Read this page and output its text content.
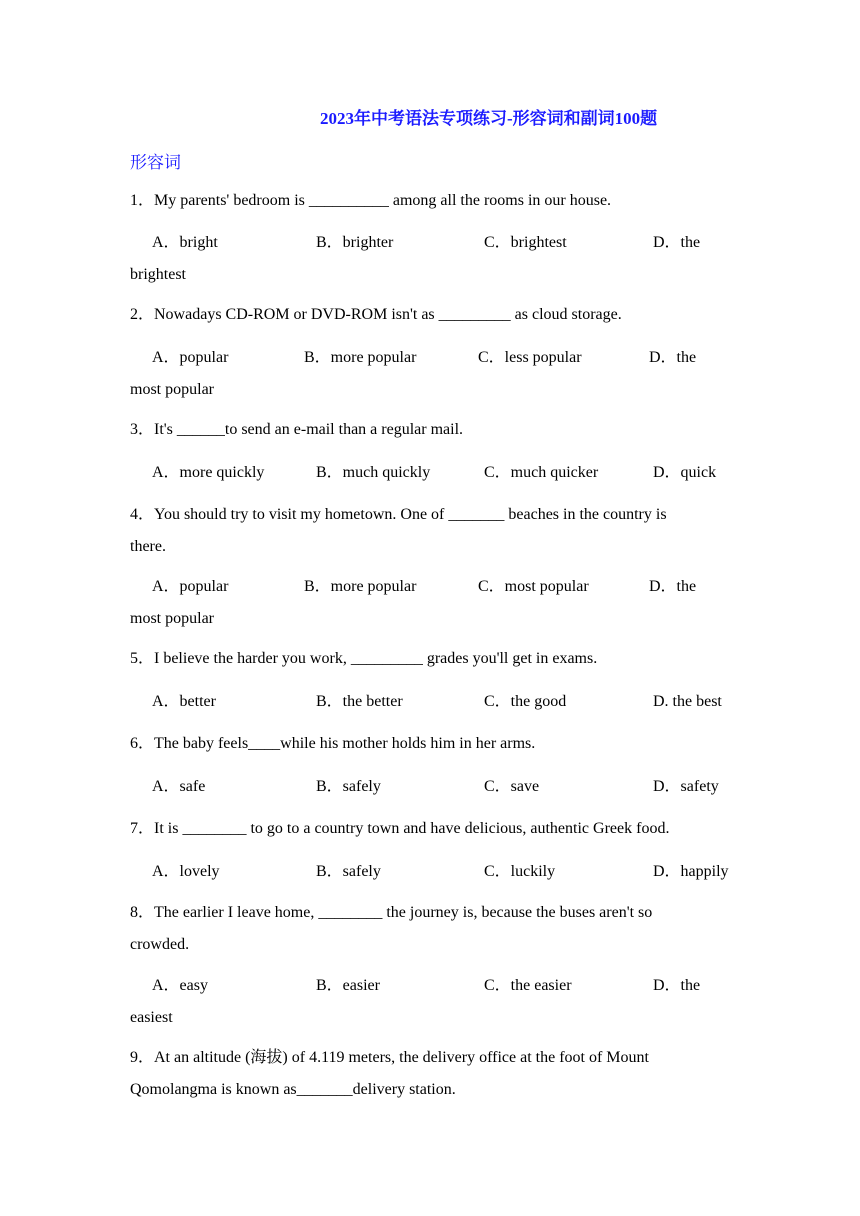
2023年中考语法专项练习-形容词和副词100题
形容词
1．My parents' bedroom is __________ among all the rooms in our house.
A．bright	B．brighter	C．brightest	D．the
brightest
2．Nowadays CD-ROM or DVD-ROM isn't as _________ as cloud storage.
A．popular	B．more popular	C．less popular	D．the
most popular
3．It's ______to send an e-mail than a regular mail.
A．more quickly	B．much quickly	C．much quicker	D．quick
4．You should try to visit my hometown. One of _______ beaches in the country is
there.
A．popular	B．more popular	C．most popular	D．the
most popular
5．I believe the harder you work, _________ grades you'll get in exams.
A．better	B．the better	C．the good	D. the best
6．The baby feels____while his mother holds him in her arms.
A．safe	B．safely	C．save	D．safety
7．It is ________ to go to a country town and have delicious, authentic Greek food.
A．lovely	B．safely	C．luckily	D．happily
8．The earlier I leave home, ________ the journey is, because the buses aren't so
crowded.
A．easy	B．easier	C．the easier	D．the
easiest
9．At an altitude (海拔) of 4.119 meters, the delivery office at the foot of Mount
Qomolangma is known as_______delivery station.
